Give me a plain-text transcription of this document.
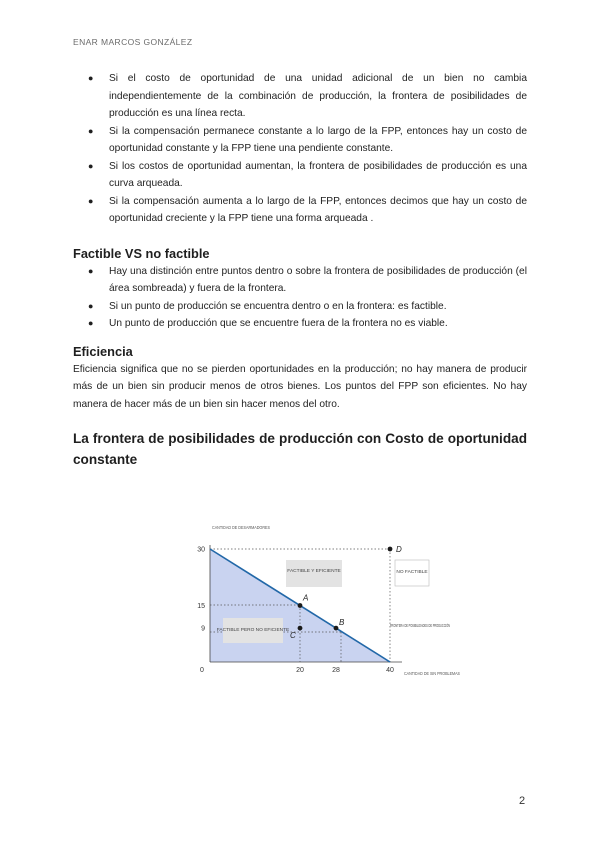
ENAR MARCOS GONZÁLEZ
● Si el costo de oportunidad de una unidad adicional de un bien no cambia independientemente de la combinación de producción, la frontera de posibilidades de producción es una línea recta.
● Si la compensación permanece constante a lo largo de la FPP, entonces hay un costo de oportunidad constante y la FPP tiene una pendiente constante.
● Si los costos de oportunidad aumentan, la frontera de posibilidades de producción es una curva arqueada.
● Si la compensación aumenta a lo largo de la FPP, entonces decimos que hay un costo de oportunidad creciente y la FPP tiene una forma arqueada .
Factible VS no factible
● Hay una distinción entre puntos dentro o sobre la frontera de posibilidades de producción (el área sombreada) y fuera de la frontera.
● Si un punto de producción se encuentra dentro o en la frontera: es factible.
● Un punto de producción que se encuentre fuera de la frontera no es viable.
Eficiencia

Eficiencia significa que no se pierden oportunidades en la producción; no hay manera de producir más de un bien sin producir menos de otros bienes. Los puntos del FPP son eficientes. No hay manera de hacer más de un bien sin hacer menos del otro.

La frontera de posibilidades de producción con Costo de oportunidad constante
FACTIBLE Y EFICIENTE
FACTIBLE PERO NO EFICIENTE
NO FACTIBLE
FRONTERA DE POSIBILIDADES DE PRODUCCIÓN
CANTIDAD DE DESARMADORES
CANTIDAD DE SIN PROBLEMAS
0
30
15
9
20	28	40
A
B
C
D
2
